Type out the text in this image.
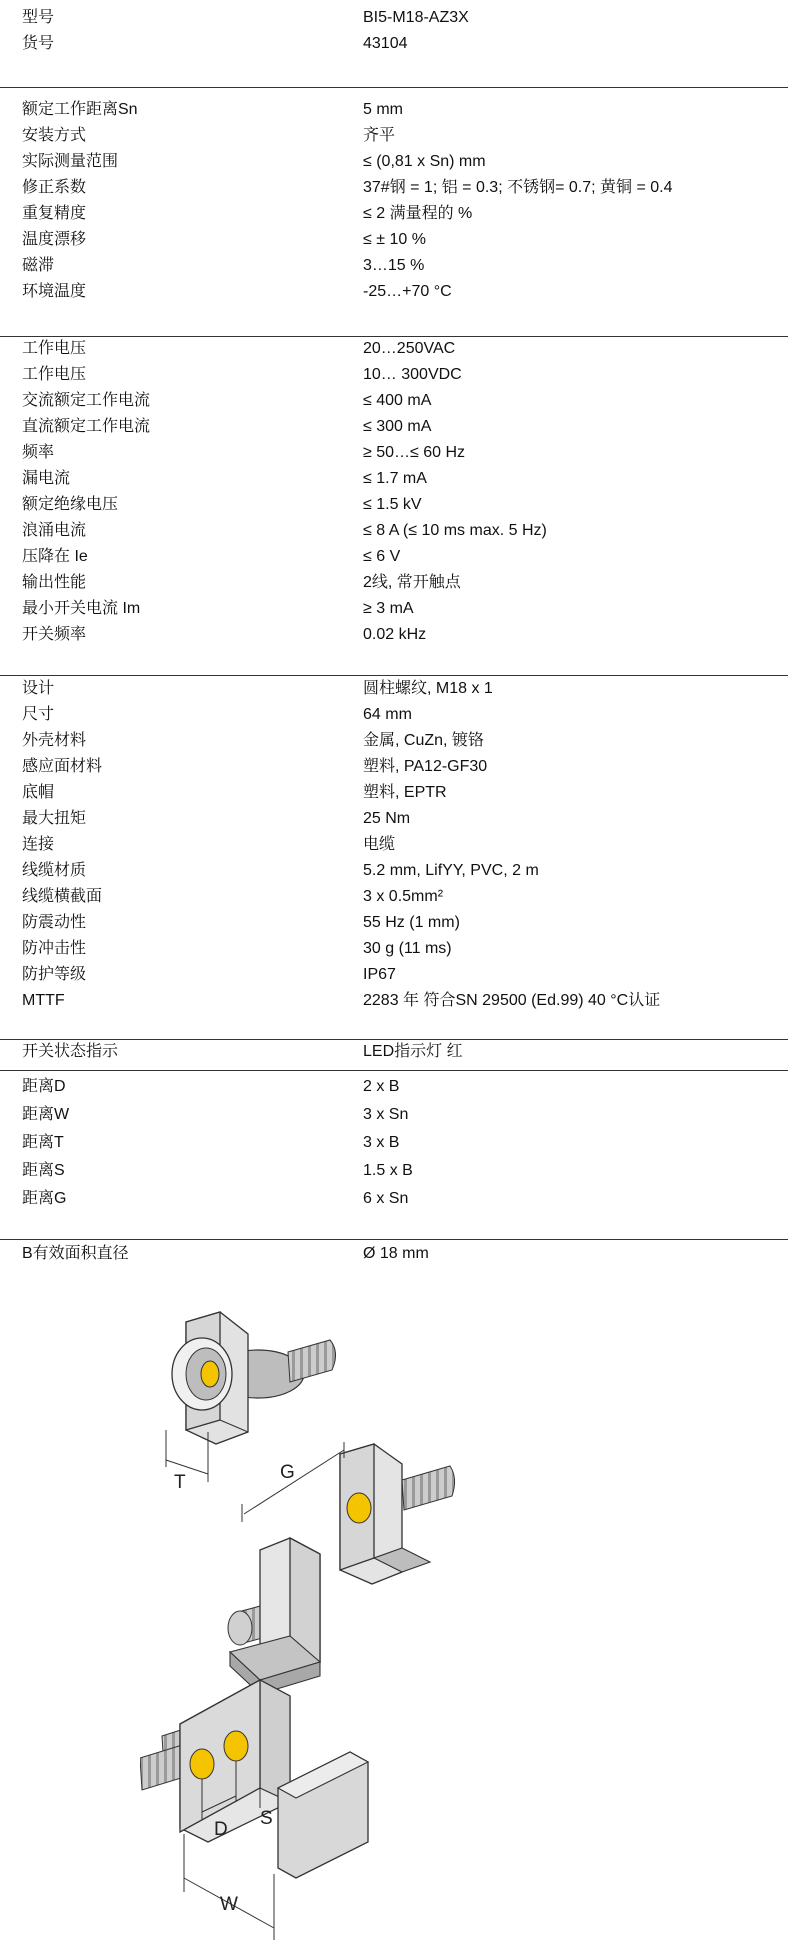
型号	BI5-M18-AZ3X
货号	43104
额定工作距离Sn	5 mm
安装方式	齐平
实际测量范围	≤ (0,81 x Sn) mm
修正系数	37#钢 = 1; 铝 = 0.3; 不锈钢= 0.7; 黄铜 = 0.4
重复精度	≤ 2 满量程的 %
温度漂移	≤ ± 10 %
磁滞	3…15 %
环境温度	-25…+70 °C
工作电压	20…250VAC
工作电压	10… 300VDC
交流额定工作电流	≤ 400 mA
直流额定工作电流	≤ 300 mA
频率	≥ 50…≤ 60 Hz
漏电流	≤ 1.7 mA
额定绝缘电压	≤ 1.5 kV
浪涌电流	≤ 8 A (≤ 10 ms max. 5 Hz)
压降在 Ie	≤ 6 V
输出性能	2线, 常开触点
最小开关电流 Im	≥ 3 mA
开关频率	0.02 kHz
设计	圆柱螺纹, M18 x 1
尺寸	64 mm
外壳材料	金属, CuZn, 镀铬
感应面材料	塑料, PA12-GF30
底帽	塑料, EPTR
最大扭矩	25 Nm
连接	电缆
线缆材质	5.2 mm, LifYY, PVC, 2 m
线缆横截面	3 x 0.5mm²
防震动性	55 Hz (1 mm)
防冲击性	30 g (11 ms)
防护等级	IP67
MTTF	2283 年 符合SN 29500 (Ed.99) 40 °C认证
开关状态指示	LED指示灯 红
距离D	2 x B
距离W	3 x Sn
距离T	3 x B
距离S	1.5 x B
距离G	6 x Sn
B有效面积直径	Ø 18 mm
T	G
D
S
W
